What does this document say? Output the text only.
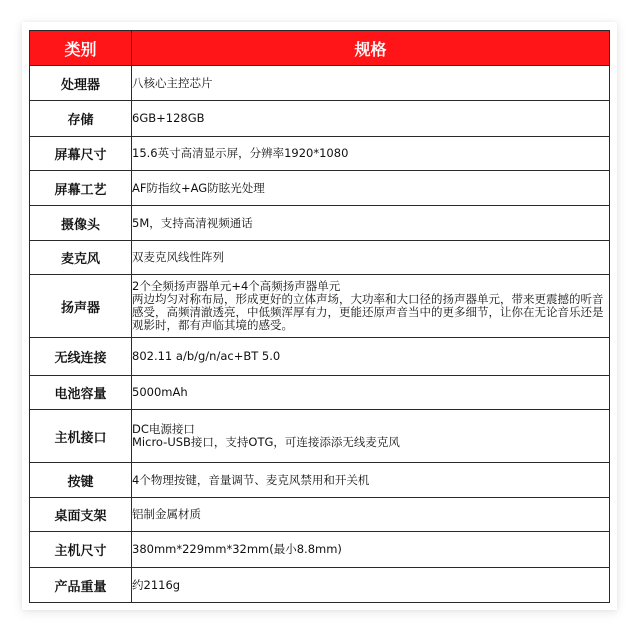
类别	规格
处理器	八核心主控芯片

存储	6GB+128GB

屏幕尺寸	15.6英寸高清显示屏，分辨率1920*1080

屏幕工艺	AF防指纹+AG防眩光处理

摄像头	5M，支持高清视频通话

麦克风	双麦克风线性阵列

扬声器	2个全频扬声器单元+4个高频扬声器单元
两边均匀对称布局，形成更好的立体声场，大功率和大口径的扬声器单元，带来更震撼的听音感受，高频清澈透亮，中低频浑厚有力，更能还原声音当中的更多细节，让你在无论音乐还是观影时，都有声临其境的感受。

无线连接	802.11 a/b/g/n/ac+BT 5.0

电池容量	5000mAh

主机接口	DC电源接口
Micro-USB接口，支持OTG，可连接添添无线麦克风

按键	4个物理按键，音量调节、麦克风禁用和开关机

桌面支架	铝制金属材质

主机尺寸	380mm*229mm*32mm(最小8.8mm)

产品重量	约2116g
